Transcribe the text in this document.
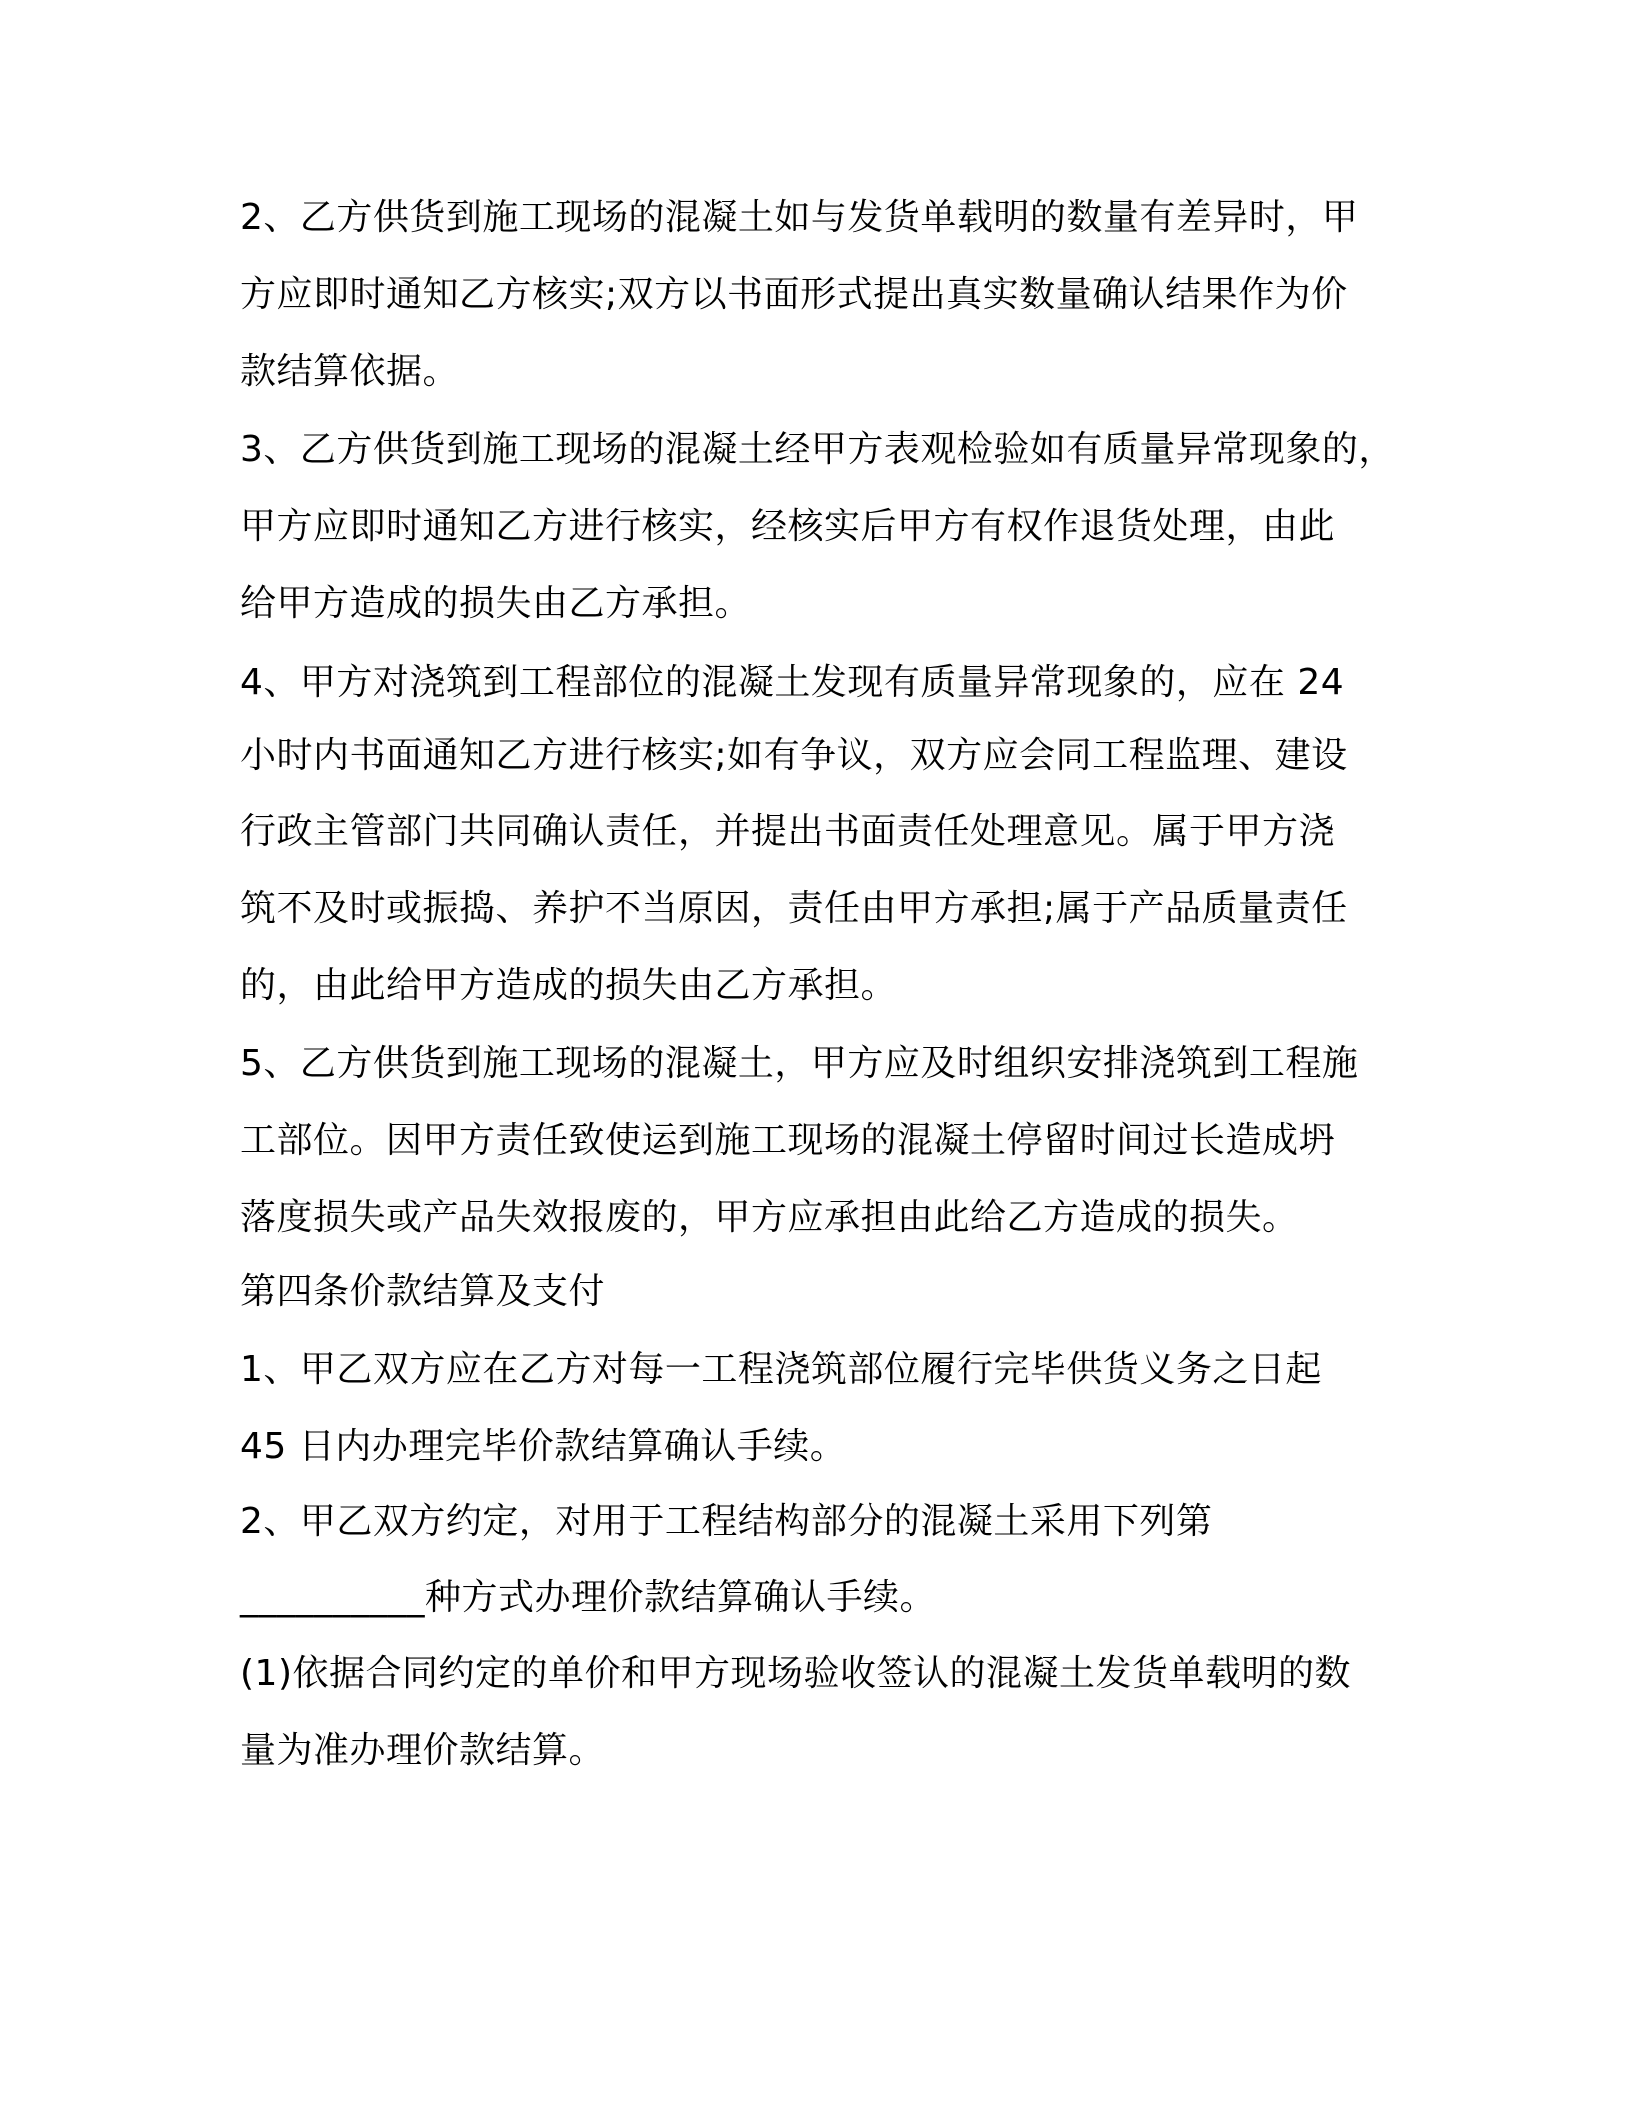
2、乙方供货到施工现场的混凝土如与发货单载明的数量有差异时，甲
方应即时通知乙方核实;双方以书面形式提出真实数量确认结果作为价
款结算依据。
3、乙方供货到施工现场的混凝土经甲方表观检验如有质量异常现象的，
甲方应即时通知乙方进行核实，经核实后甲方有权作退货处理，由此
给甲方造成的损失由乙方承担。
4、甲方对浇筑到工程部位的混凝土发现有质量异常现象的，应在 24
小时内书面通知乙方进行核实;如有争议，双方应会同工程监理、建设
行政主管部门共同确认责任，并提出书面责任处理意见。属于甲方浇
筑不及时或振捣、养护不当原因，责任由甲方承担;属于产品质量责任
的，由此给甲方造成的损失由乙方承担。
5、乙方供货到施工现场的混凝土，甲方应及时组织安排浇筑到工程施
工部位。因甲方责任致使运到施工现场的混凝土停留时间过长造成坍
落度损失或产品失效报废的，甲方应承担由此给乙方造成的损失。
第四条价款结算及支付
1、甲乙双方应在乙方对每一工程浇筑部位履行完毕供货义务之日起
45 日内办理完毕价款结算确认手续。
2、甲乙双方约定，对用于工程结构部分的混凝土采用下列第
__________种方式办理价款结算确认手续。
(1)依据合同约定的单价和甲方现场验收签认的混凝土发货单载明的数
量为准办理价款结算。
